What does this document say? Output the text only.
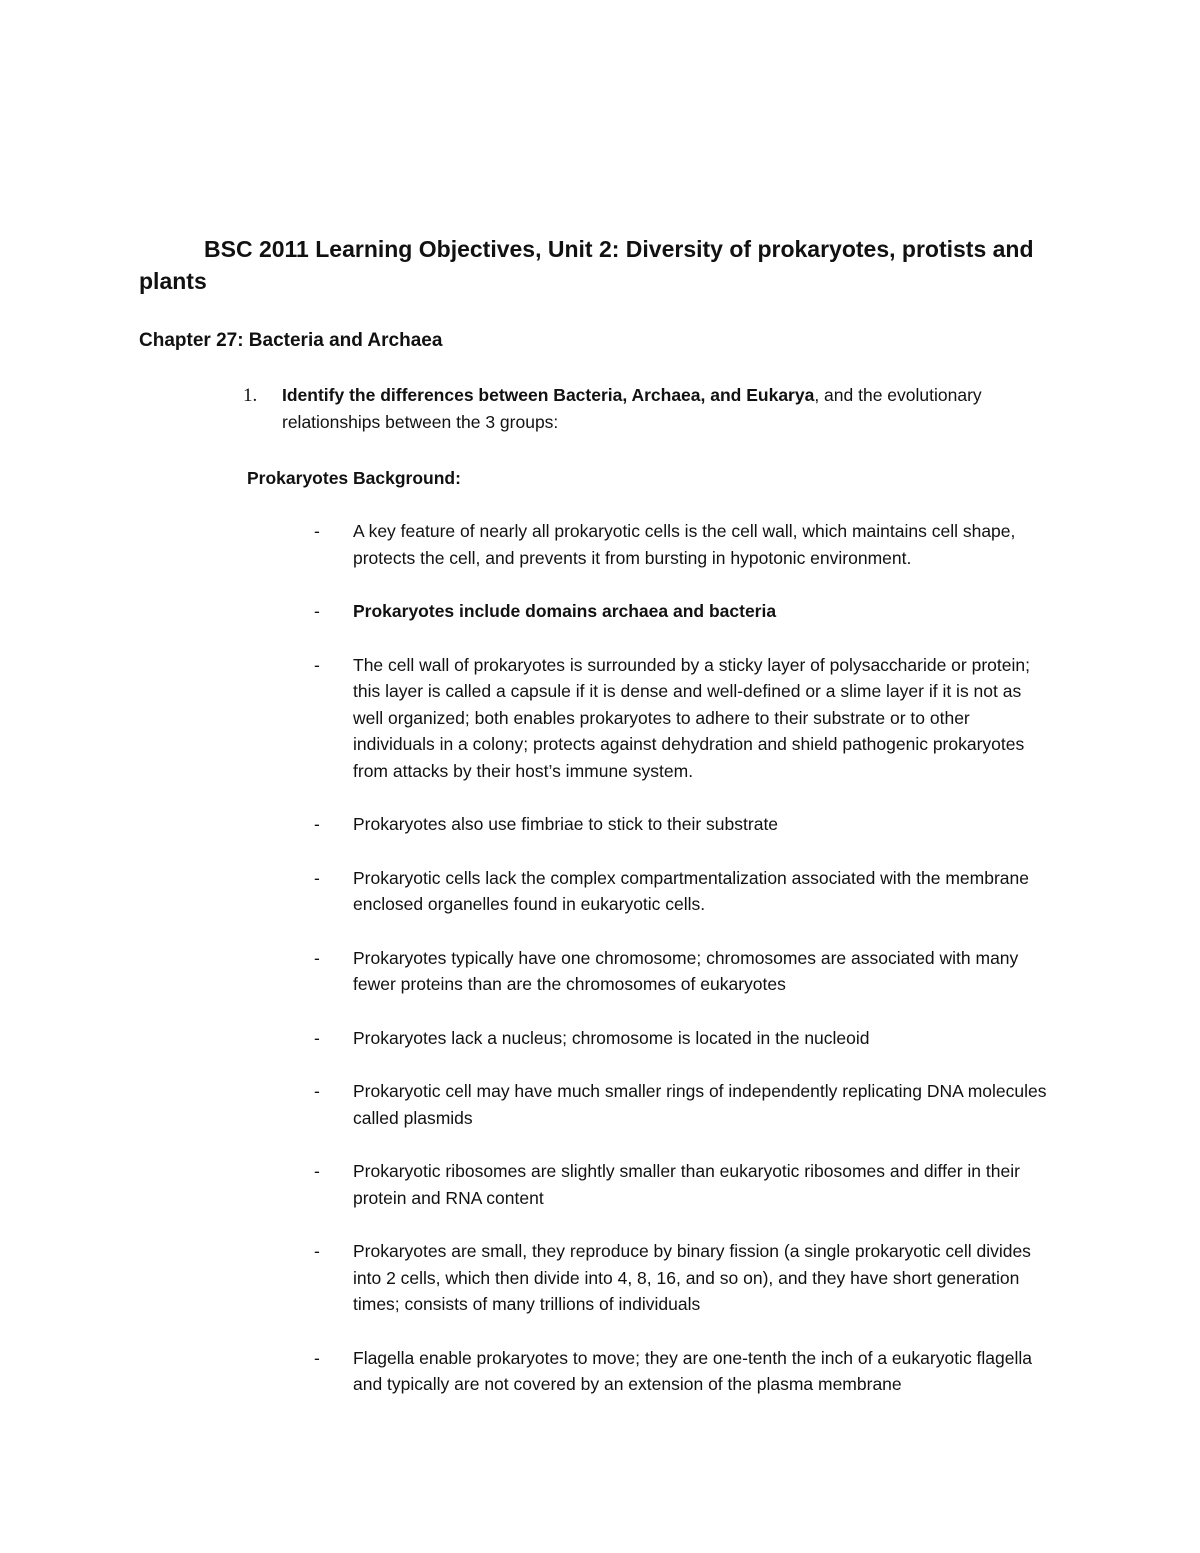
BSC 2011 Learning Objectives, Unit 2: Diversity of prokaryotes, protists and plants
Chapter 27: Bacteria and Archaea
1. Identify the differences between Bacteria, Archaea, and Eukarya, and the evolutionary relationships between the 3 groups:
Prokaryotes Background:
- A key feature of nearly all prokaryotic cells is the cell wall, which maintains cell shape, protects the cell, and prevents it from bursting in hypotonic environment.
- Prokaryotes include domains archaea and bacteria
- The cell wall of prokaryotes is surrounded by a sticky layer of polysaccharide or protein; this layer is called a capsule if it is dense and well-defined or a slime layer if it is not as well organized; both enables prokaryotes to adhere to their substrate or to other individuals in a colony; protects against dehydration and shield pathogenic prokaryotes from attacks by their host’s immune system.
- Prokaryotes also use fimbriae to stick to their substrate
- Prokaryotic cells lack the complex compartmentalization associated with the membrane enclosed organelles found in eukaryotic cells.
- Prokaryotes typically have one chromosome; chromosomes are associated with many fewer proteins than are the chromosomes of eukaryotes
- Prokaryotes lack a nucleus; chromosome is located in the nucleoid
- Prokaryotic cell may have much smaller rings of independently replicating DNA molecules called plasmids
- Prokaryotic ribosomes are slightly smaller than eukaryotic ribosomes and differ in their protein and RNA content
- Prokaryotes are small, they reproduce by binary fission (a single prokaryotic cell divides into 2 cells, which then divide into 4, 8, 16, and so on), and they have short generation times; consists of many trillions of individuals
- Flagella enable prokaryotes to move; they are one-tenth the inch of a eukaryotic flagella and typically are not covered by an extension of the plasma membrane
